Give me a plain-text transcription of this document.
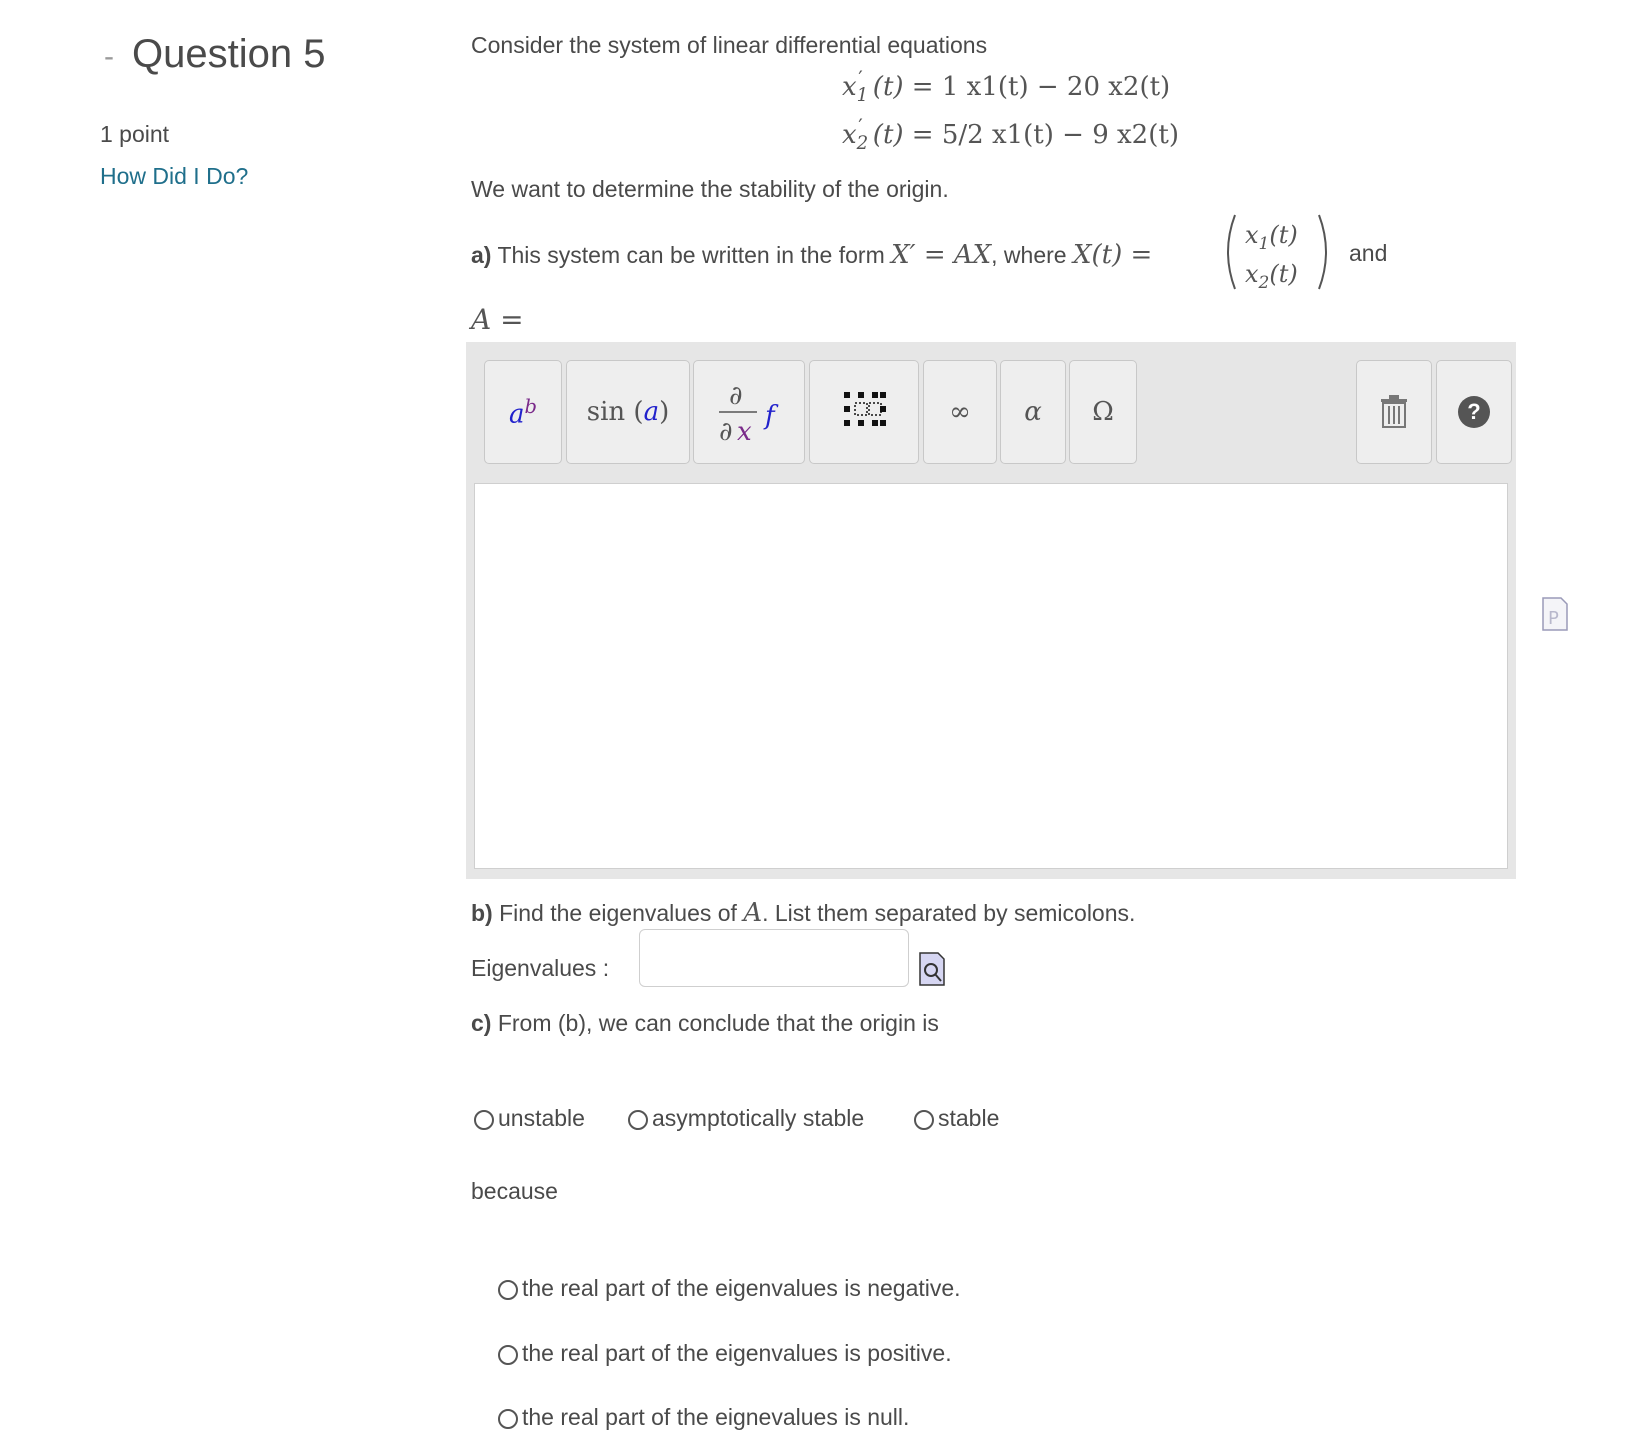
- Question 5
1 point
How Did I Do?
Consider the system of linear differential equations
$x_1'$ (t) = 1 x1(t) − 20 x2(t)
$x_2'$ (t) = 5/2 x1(t) − 9 x2(t)
We want to determine the stability of the origin.
a) This system can be written in the form X′ = AX, where X(t) =
$x_1(t)$
$x_2(t)$
and
A =
$a^b$ sin (a)
∂
∂ x
f	∞ α Ω	?
P
b) Find the eigenvalues of A. List them separated by semicolons.
Eigenvalues :
c) From (b), we can conclude that the origin is
unstable	asymptotically stable	stable
because
the real part of the eigenvalues is negative.
the real part of the eigenvalues is positive.
the real part of the eignevalues is null.
